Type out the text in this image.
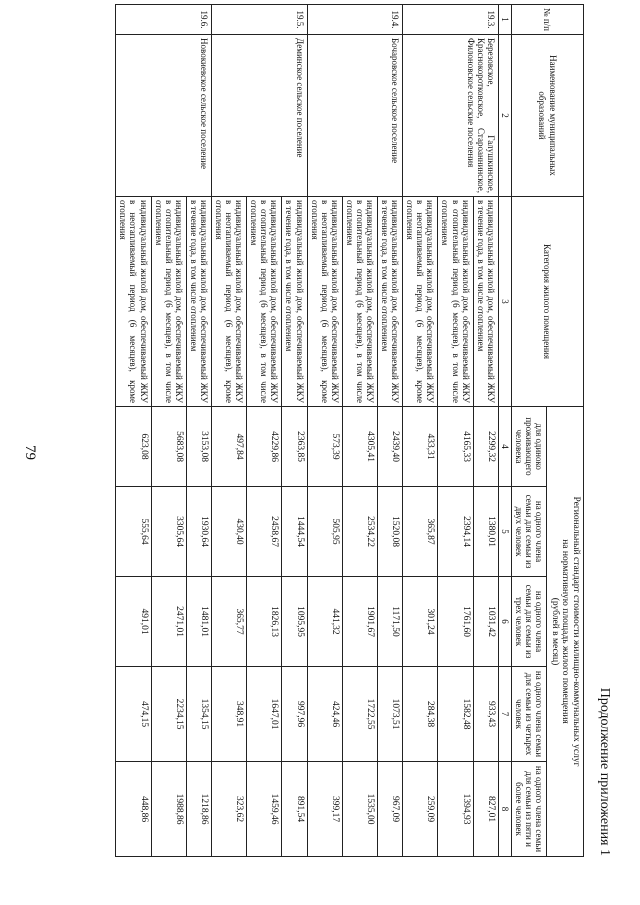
79
Продолжение приложения 1
№ п/п	Наименование муниципальных образований	Категория жилого помещения	Региональный стандарт стоимости жилищно-коммунальных услуг
на нормативную площадь жилого помещения
(рублей в месяц)				

			для одиноко проживающего человека	на одного члена семьи для семьи из двух человек	на одного члена семьи для семьи из трех человек	на одного члена семьи для семьи из четырех человек	на одного члена семьи для семьи из пяти и более человек
1	2	3	4	5	6	7	8
19.3.	Березовское, Галушкинское, Краснокоротковское, Староаннинское, Филоновское сельские поселения	индивидуальный жилой дом, обеспечиваемый ЖКУ в течение года, в том числе отоплением	2299,32	1380,01	1031,42	933,43	827,01
		индивидуальный жилой дом, обеспечиваемый ЖКУ в отопительный период (6 месяцев), в том числе отоплением	4165,33	2394,14	1761,60	1582,48	1394,93
		индивидуальный жилой дом, обеспечиваемый ЖКУ в неотапливаемый период (6 месяцев), кроме отопления	433,31	365,87	301,24	284,38	259,09
19.4.	Бочаровское сельское поселение	индивидуальный жилой дом, обеспечиваемый ЖКУ в течение года, в том числе отоплением	2439,40	1520,08	1171,50	1073,51	967,09
		индивидуальный жилой дом, обеспечиваемый ЖКУ в отопительный период (6 месяцев), в том числе отоплением	4305,41	2534,22	1901,67	1722,55	1535,00
		индивидуальный жилой дом, обеспечиваемый ЖКУ в неотапливаемый период (6 месяцев), кроме отопления	573,39	505,95	441,32	424,46	399,17
19.5.	Деминское сельское поселение	индивидуальный жилой дом, обеспечиваемый ЖКУ в течение года, в том числе отоплением	2363,85	1444,54	1095,95	997,96	891,54
		индивидуальный жилой дом, обеспечиваемый ЖКУ в отопительный период (6 месяцев), в том числе отоплением	4229,86	2458,67	1826,13	1647,01	1459,46
		индивидуальный жилой дом, обеспечиваемый ЖКУ в неотапливаемый период (6 месяцев), кроме отопления	497,84	430,40	365,77	348,91	323,62
19.6.	Новокиевское сельское поселение	индивидуальный жилой дом, обеспечиваемый ЖКУ в течение года, в том числе отоплением	3153,08	1930,64	1481,01	1354,15	1218,86
		индивидуальный жилой дом, обеспечиваемый ЖКУ в отопительный период (6 месяцев), в том числе отоплением	5683,08	3305,64	2471,01	2234,15	1988,86
		индивидуальный жилой дом, обеспечиваемый ЖКУ в неотапливаемый период (6 месяцев), кроме отопления	623,08	555,64	491,01	474,15	448,86
